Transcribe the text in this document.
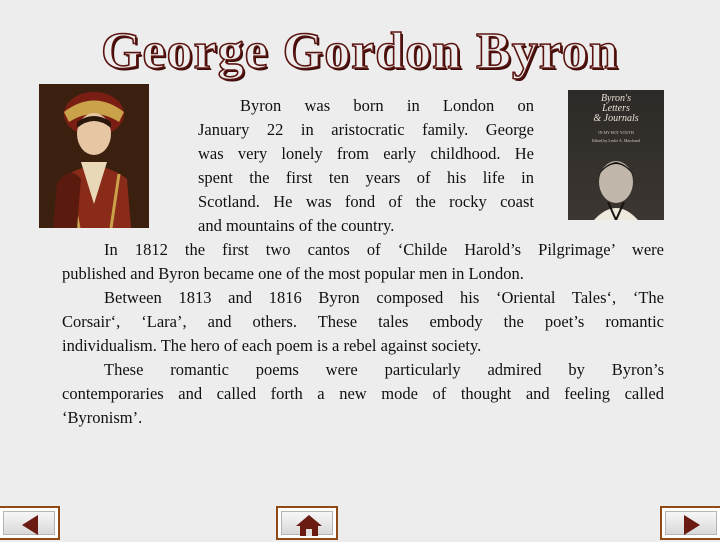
George Gordon Byron
Byron's
Letters
& Journals
IN MY HOT YOUTH
Edited by Leslie A. Marchand
Byron was born in London on
January 22 in aristocratic family. George
was very lonely from early childhood. He
spent the first ten years of his life in
Scotland. He was fond of the rocky coast
and mountains of the country.
In 1812 the first two cantos of ‘Childe Harold’s Pilgrimage’ were
published and Byron became one of the most popular men in London.
Between 1813 and 1816 Byron composed his ‘Oriental Tales‘, ‘The
Corsair‘, ‘Lara’, and others. These tales embody the poet’s romantic
individualism. The hero of each poem is a rebel against society.
These romantic poems were particularly admired by Byron’s
contemporaries and called forth a new mode of thought and feeling called
‘Byronism’.
